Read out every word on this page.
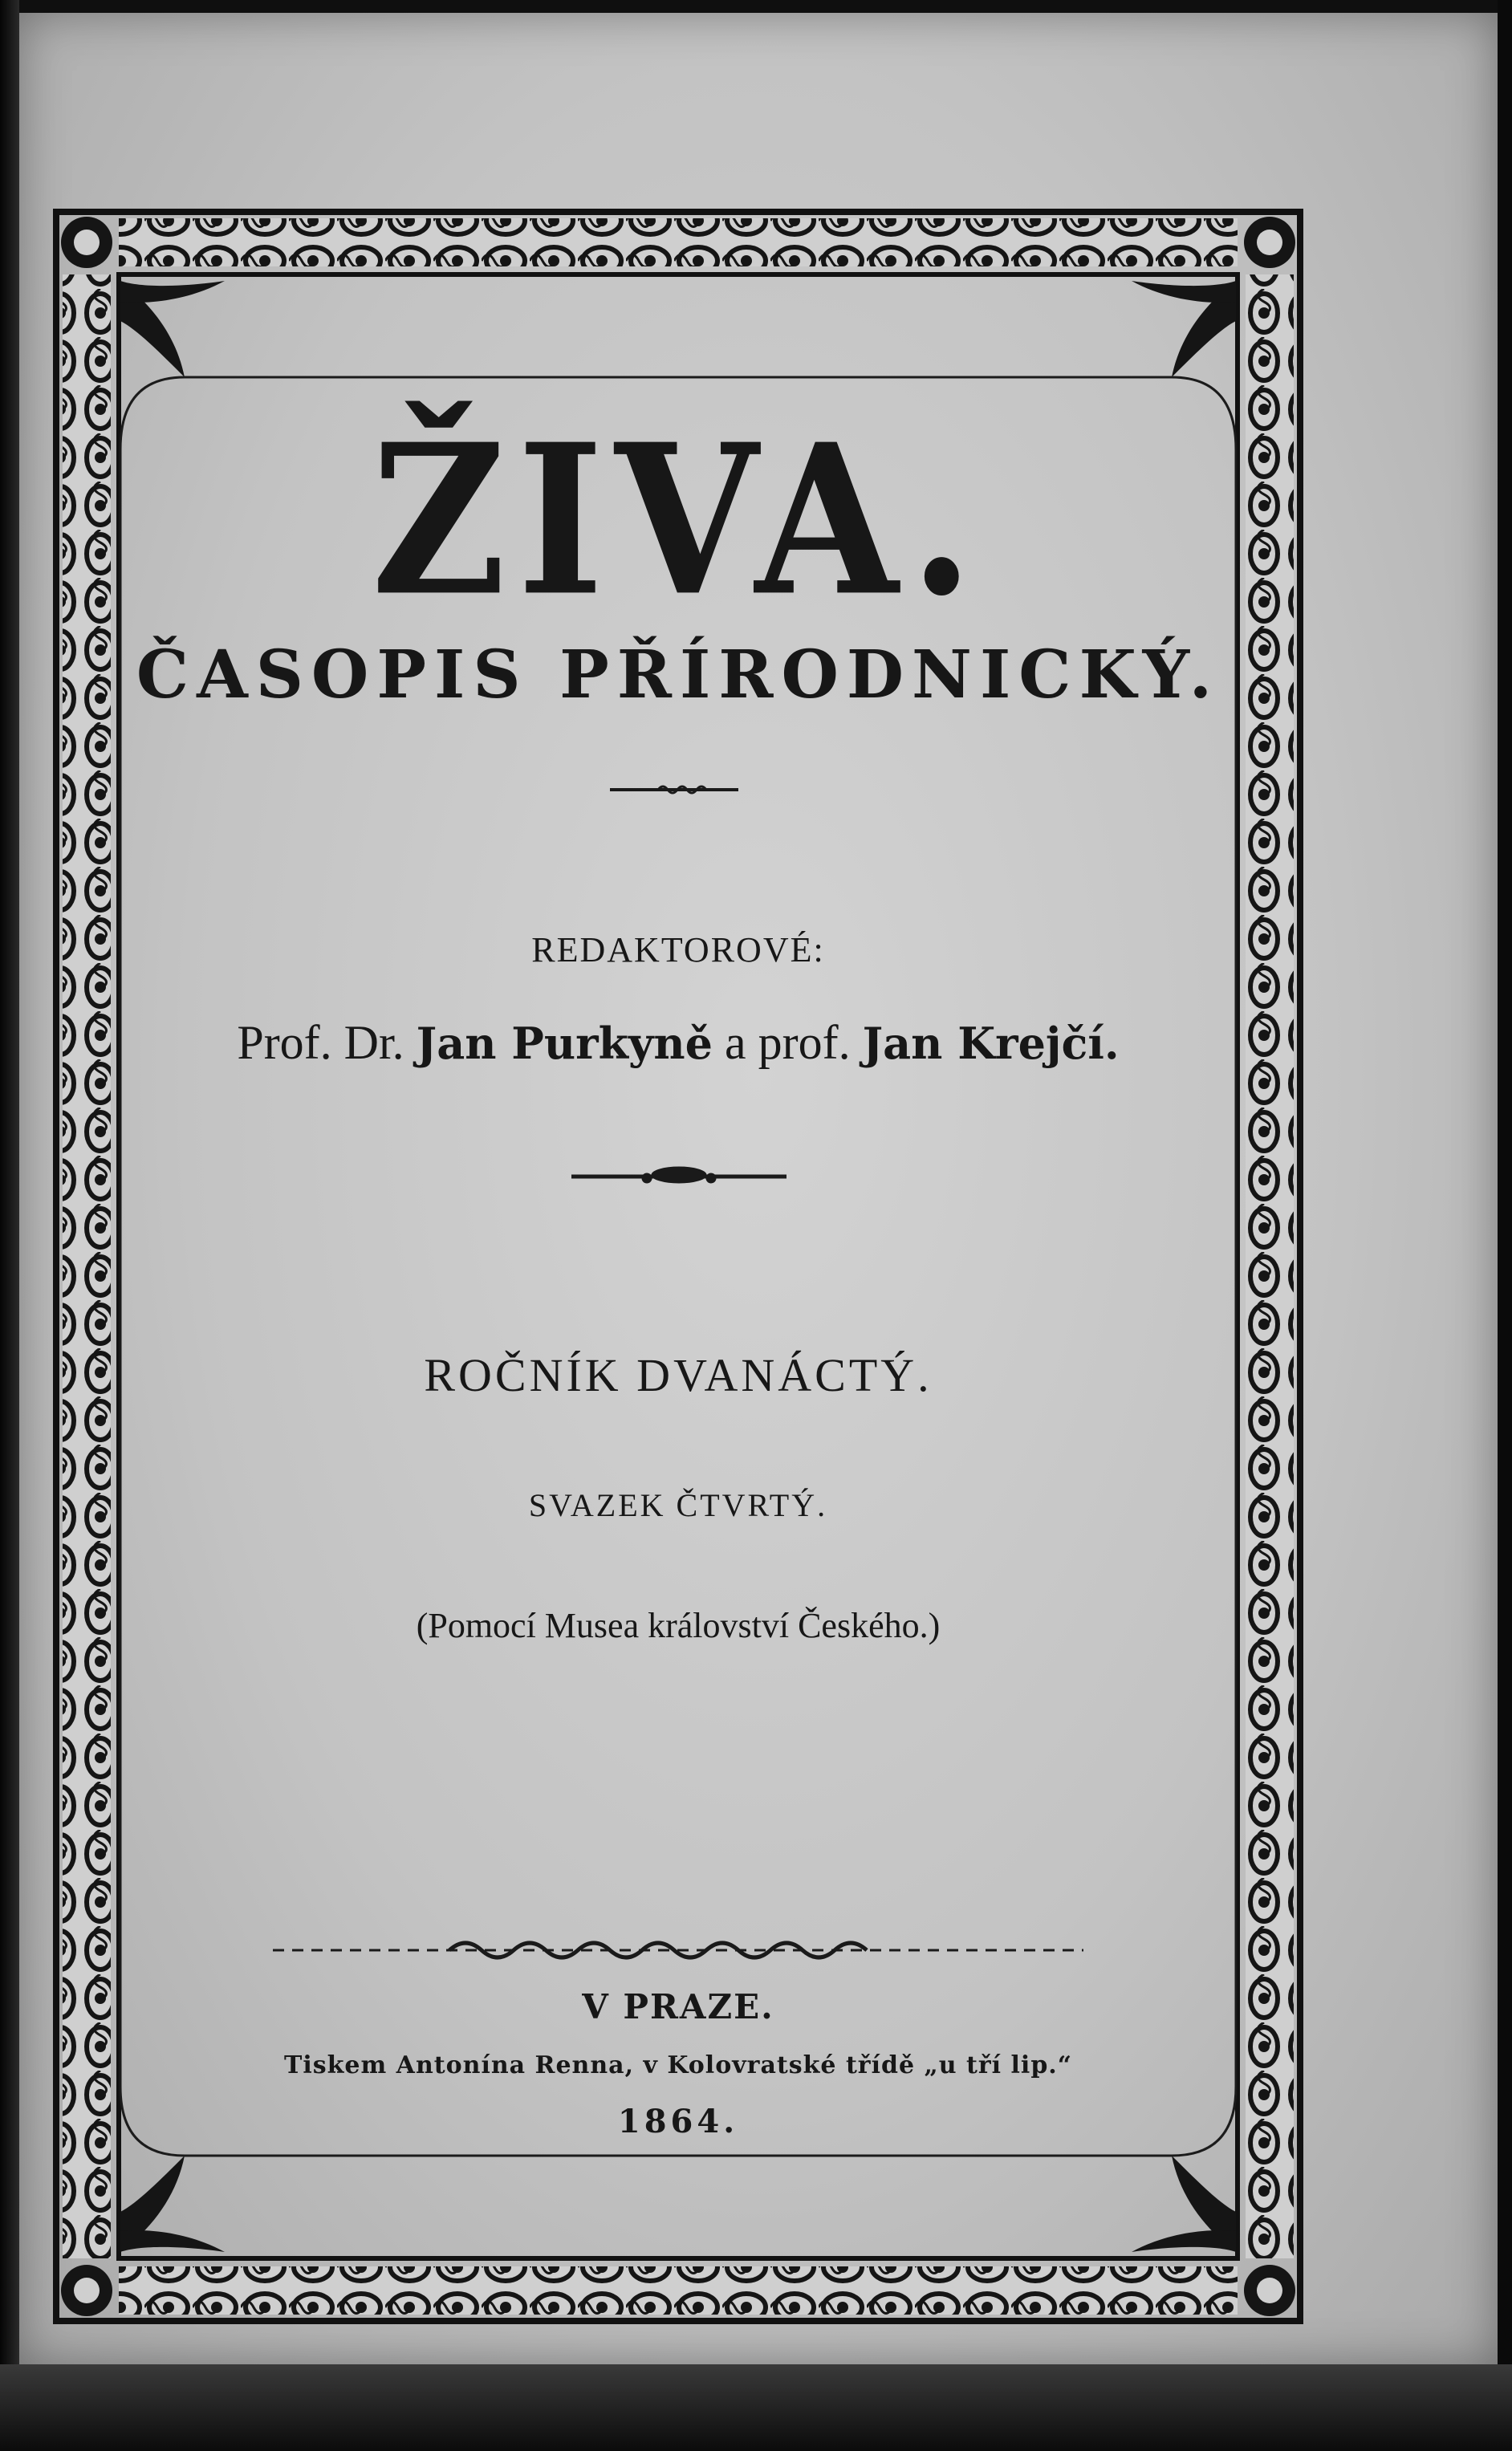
ŽIVA.
ČASOPIS PŘÍRODNICKÝ.
REDAKTOROVÉ:
Prof. Dr. Jan Purkyně a prof. Jan Krejčí.
ROČNÍK DVANÁCTÝ.
SVAZEK ČTVRTÝ.
(Pomocí Musea království Českého.)
V PRAZE.
Tiskem Antonína Renna, v Kolovratské třídě „u tří lip.“
1864.
